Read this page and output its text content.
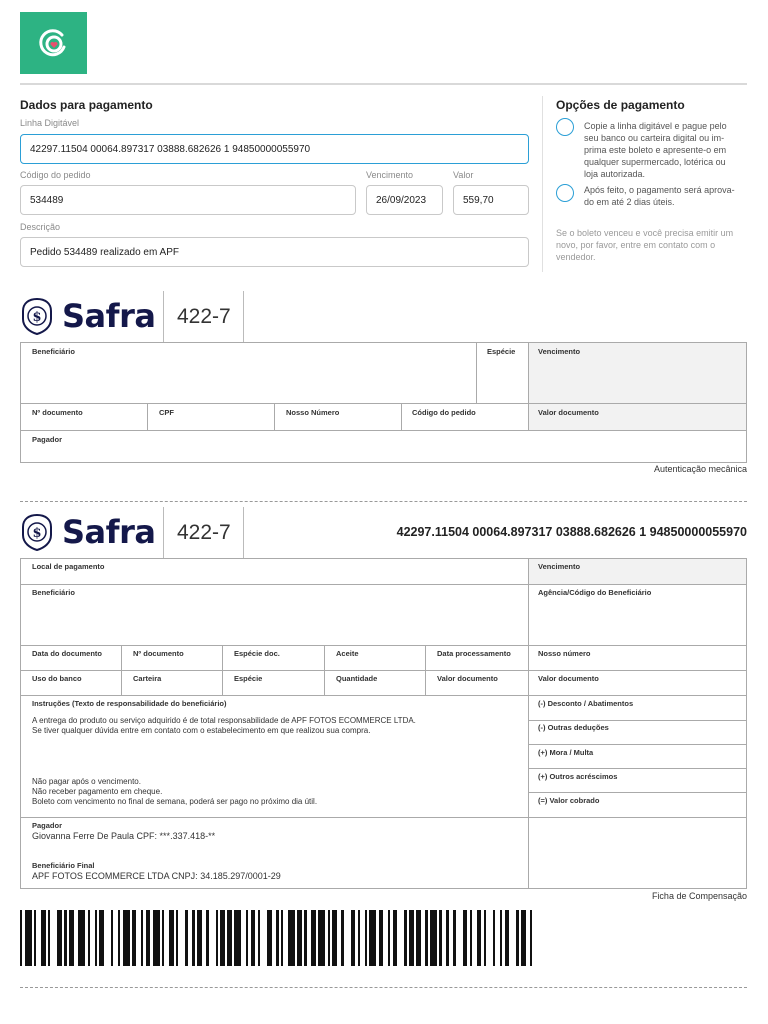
Dados para pagamento
Linha Digitável
42297.11504 00064.897317 03888.682626 1 94850000055970
Código do pedido
534489
Vencimento
26/09/2023
Valor
559,70
Descrição
Pedido 534489 realizado em APF
Opções de pagamento
Copie a linha digitável e pague pelo
seu banco ou carteira digital ou im-
prima este boleto e apresente-o em
qualquer supermercado, lotérica ou
loja autorizada.
Após feito, o pagamento será aprova-
do em até 2 dias úteis.
Se o boleto venceu e você precisa emitir um
novo, por favor, entre em contato com o
vendedor.
$ Safra 422-7
Beneficiário	Espécie	Vencimento
Nº documento	CPF	Nosso Número	Código do pedido	Valor documento
Pagador
Autenticação mecânica
$ Safra 422-7	42297.11504 00064.897317 03888.682626 1 94850000055970
Local de pagamento	Vencimento
Beneficiário	Agência/Código do Beneficiário
Data do documento	Nº documento	Espécie doc.	Aceite	Data processamento	Nosso número
Uso do banco	Carteira	Espécie	Quantidade	Valor documento	Valor documento
Instruções (Texto de responsabilidade do beneficiário)
A entrega do produto ou serviço adquirido é de total responsabilidade de APF FOTOS ECOMMERCE LTDA.
Se tiver qualquer dúvida entre em contato com o estabelecimento em que realizou sua compra.
Não pagar após o vencimento.
Não receber pagamento em cheque.
Boleto com vencimento no final de semana, poderá ser pago no próximo dia útil.
(-) Desconto / Abatimentos
(-) Outras deduções
(+) Mora / Multa
(+) Outros acréscimos
(=) Valor cobrado
Pagador
Giovanna Ferre De Paula CPF: ***.337.418-**
Beneficiário Final
APF FOTOS ECOMMERCE LTDA CNPJ: 34.185.297/0001-29
Ficha de Compensação
